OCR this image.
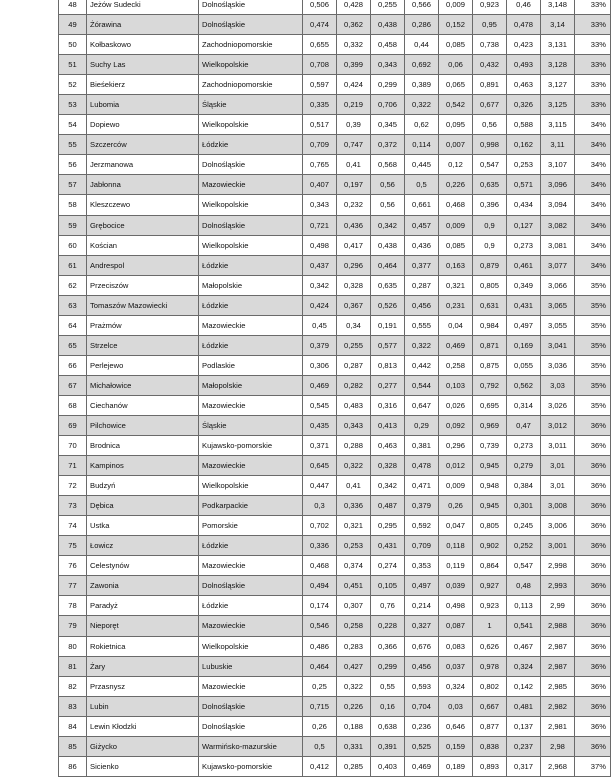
48	Jeżów Sudecki	Dolnośląskie	0,506	0,428	0,255	0,566	0,009	0,923	0,46	3,148	33%
49	Żórawina	Dolnośląskie	0,474	0,362	0,438	0,286	0,152	0,95	0,478	3,14	33%
50	Kołbaskowo	Zachodniopomorskie	0,655	0,332	0,458	0,44	0,085	0,738	0,423	3,131	33%
51	Suchy Las	Wielkopolskie	0,708	0,399	0,343	0,692	0,06	0,432	0,493	3,128	33%
52	Bieśekierz	Zachodniopomorskie	0,597	0,424	0,299	0,389	0,065	0,891	0,463	3,127	33%
53	Lubomia	Śląskie	0,335	0,219	0,706	0,322	0,542	0,677	0,326	3,125	33%
54	Dopiewo	Wielkopolskie	0,517	0,39	0,345	0,62	0,095	0,56	0,588	3,115	34%
55	Szczerców	Łódzkie	0,709	0,747	0,372	0,114	0,007	0,998	0,162	3,11	34%
56	Jerzmanowa	Dolnośląskie	0,765	0,41	0,568	0,445	0,12	0,547	0,253	3,107	34%
57	Jabłonna	Mazowieckie	0,407	0,197	0,56	0,5	0,226	0,635	0,571	3,096	34%
58	Kleszczewo	Wielkopolskie	0,343	0,232	0,56	0,661	0,468	0,396	0,434	3,094	34%
59	Grębocice	Dolnośląskie	0,721	0,436	0,342	0,457	0,009	0,9	0,127	3,082	34%
60	Kościan	Wielkopolskie	0,498	0,417	0,438	0,436	0,085	0,9	0,273	3,081	34%
61	Andrespol	Łódzkie	0,437	0,296	0,464	0,377	0,163	0,879	0,461	3,077	34%
62	Przeciszów	Małopolskie	0,342	0,328	0,635	0,287	0,321	0,805	0,349	3,066	35%
63	Tomaszów Mazowiecki	Łódzkie	0,424	0,367	0,526	0,456	0,231	0,631	0,431	3,065	35%
64	Prażmów	Mazowieckie	0,45	0,34	0,191	0,555	0,04	0,984	0,497	3,055	35%
65	Strzelce	Łódzkie	0,379	0,255	0,577	0,322	0,469	0,871	0,169	3,041	35%
66	Perlejewo	Podlaskie	0,306	0,287	0,813	0,442	0,258	0,875	0,055	3,036	35%
67	Michałowice	Małopolskie	0,469	0,282	0,277	0,544	0,103	0,792	0,562	3,03	35%
68	Ciechanów	Mazowieckie	0,545	0,483	0,316	0,647	0,026	0,695	0,314	3,026	35%
69	Pilchowice	Śląskie	0,435	0,343	0,413	0,29	0,092	0,969	0,47	3,012	36%
70	Brodnica	Kujawsko-pomorskie	0,371	0,288	0,463	0,381	0,296	0,739	0,273	3,011	36%
71	Kampinos	Mazowieckie	0,645	0,322	0,328	0,478	0,012	0,945	0,279	3,01	36%
72	Budzyń	Wielkopolskie	0,447	0,41	0,342	0,471	0,009	0,948	0,384	3,01	36%
73	Dębica	Podkarpackie	0,3	0,336	0,487	0,379	0,26	0,945	0,301	3,008	36%
74	Ustka	Pomorskie	0,702	0,321	0,295	0,592	0,047	0,805	0,245	3,006	36%
75	Łowicz	Łódzkie	0,336	0,253	0,431	0,709	0,118	0,902	0,252	3,001	36%
76	Celestynów	Mazowieckie	0,468	0,374	0,274	0,353	0,119	0,864	0,547	2,998	36%
77	Zawonia	Dolnośląskie	0,494	0,451	0,105	0,497	0,039	0,927	0,48	2,993	36%
78	Paradyż	Łódzkie	0,174	0,307	0,76	0,214	0,498	0,923	0,113	2,99	36%
79	Nieporęt	Mazowieckie	0,546	0,258	0,228	0,327	0,087	1	0,541	2,988	36%
80	Rokietnica	Wielkopolskie	0,486	0,283	0,366	0,676	0,083	0,626	0,467	2,987	36%
81	Żary	Lubuskie	0,464	0,427	0,299	0,456	0,037	0,978	0,324	2,987	36%
82	Przasnysz	Mazowieckie	0,25	0,322	0,55	0,593	0,324	0,802	0,142	2,985	36%
83	Lubin	Dolnośląskie	0,715	0,226	0,16	0,704	0,03	0,667	0,481	2,982	36%
84	Lewin Kłodzki	Dolnośląskie	0,26	0,188	0,638	0,236	0,646	0,877	0,137	2,981	36%
85	Giżycko	Warmińsko-mazurskie	0,5	0,331	0,391	0,525	0,159	0,838	0,237	2,98	36%
86	Sicienko	Kujawsko-pomorskie	0,412	0,285	0,403	0,469	0,189	0,893	0,317	2,968	37%
